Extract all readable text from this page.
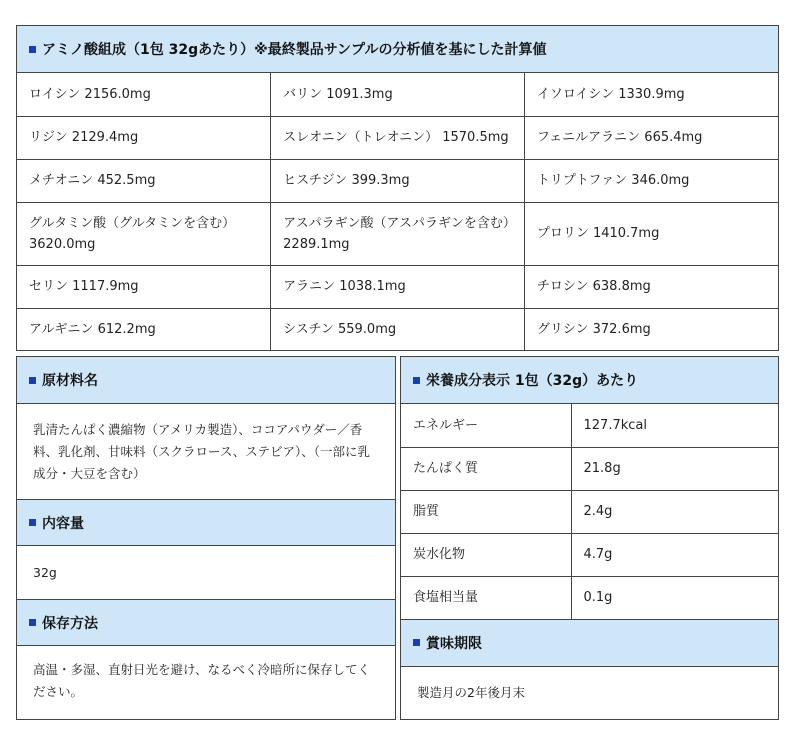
アミノ酸組成（1包 32gあたり）※最終製品サンプルの分析値を基にした計算値
ロイシン 2156.0mg	バリン 1091.3mg	イソロイシン 1330.9mg
リジン 2129.4mg	スレオニン（トレオニン） 1570.5mg	フェニルアラニン 665.4mg
メチオニン 452.5mg	ヒスチジン 399.3mg	トリプトファン 346.0mg
グルタミン酸（グルタミンを含む）3620.0mg	アスパラギン酸（アスパラギンを含む）2289.1mg	プロリン 1410.7mg
セリン 1117.9mg	アラニン 1038.1mg	チロシン 638.8mg
アルギニン 612.2mg	シスチン 559.0mg	グリシン 372.6mg
原材料名
乳清たんぱく濃縮物（アメリカ製造）、ココアパウダー／香料、乳化剤、甘味料（スクラロース、ステビア）、（一部に乳成分・大豆を含む）
内容量
32g
保存方法
高温・多湿、直射日光を避け、なるべく冷暗所に保存してください。
栄養成分表示 1包（32g）あたり
エネルギー	127.7kcal
たんぱく質	21.8g
脂質	2.4g
炭水化物	4.7g
食塩相当量	0.1g
賞味期限
製造月の2年後月末
